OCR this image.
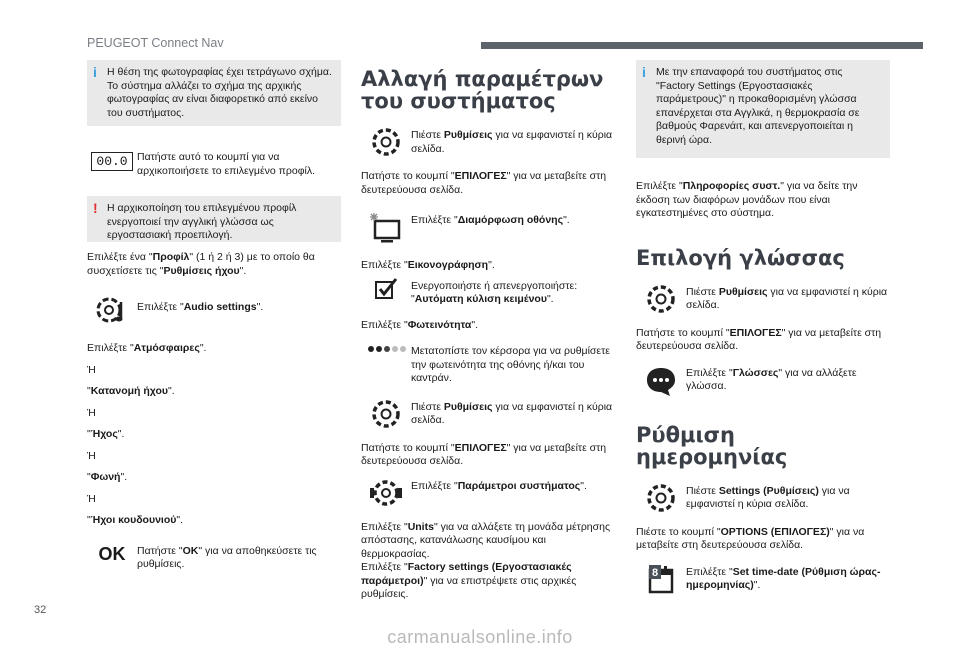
PEUGEOT Connect Nav
i Η θέση της φωτογραφίας έχει τετράγωνο σχήμα. Το σύστημα αλλάζει το σχήμα της αρχικής φωτογραφίας αν είναι διαφορετικό από εκείνο του συστήματος.
00.0 Πατήστε αυτό το κουμπί για να αρχικοποιήσετε το επιλεγμένο προφίλ.
! Η αρχικοποίηση του επιλεγμένου προφίλ ενεργοποιεί την αγγλική γλώσσα ως εργοστασιακή προεπιλογή.

Επιλέξτε ένα "Προφίλ" (1 ή 2 ή 3) με το οποίο θα συσχετίσετε τις "Ρυθμίσεις ήχου".

Επιλέξτε "Audio settings".

Επιλέξτε "Ατμόσφαιρες".

Ή

"Κατανομή ήχου".

Ή

"Ήχος".

Ή

"Φωνή".

Ή

"Ήχοι κουδουνιού".

OK Πατήστε "OK" για να αποθηκεύσετε τις ρυθμίσεις.
Αλλαγή παραμέτρων του συστήματος
Πιέστε Ρυθμίσεις για να εμφανιστεί η κύρια σελίδα.

Πατήστε το κουμπί "ΕΠΙΛΟΓΕΣ" για να μεταβείτε στη δευτερεύουσα σελίδα.

Επιλέξτε "Διαμόρφωση οθόνης".

Επιλέξτε "Εικονογράφηση".

Ενεργοποιήστε ή απενεργοποιήστε: "Αυτόματη κύλιση κειμένου".

Επιλέξτε "Φωτεινότητα".

Μετατοπίστε τον κέρσορα για να ρυθμίσετε την φωτεινότητα της οθόνης ή/και του καντράν.
Πιέστε Ρυθμίσεις για να εμφανιστεί η κύρια σελίδα.

Πατήστε το κουμπί "ΕΠΙΛΟΓΕΣ" για να μεταβείτε στη δευτερεύουσα σελίδα.

Επιλέξτε "Παράμετροι συστήματος".

Επιλέξτε "Units" για να αλλάξετε τη μονάδα μέτρησης απόστασης, κατανάλωσης καυσίμου και θερμοκρασίας.

Επιλέξτε "Factory settings (Εργοστασιακές παράμετροι)" για να επιστρέψετε στις αρχικές ρυθμίσεις.

i Με την επαναφορά του συστήματος στις "Factory Settings (Εργοστασιακές παράμετρους)" η προκαθορισμένη γλώσσα επανέρχεται στα Αγγλικά, η θερμοκρασία σε βαθμούς Φαρενάιτ, και απενεργοποιείται η θερινή ώρα.

Επιλέξτε "Πληροφορίες συστ." για να δείτε την έκδοση των διαφόρων μονάδων που είναι εγκατεστημένες στο σύστημα.

Επιλογή γλώσσας
Πιέστε Ρυθμίσεις για να εμφανιστεί η κύρια σελίδα.

Πατήστε το κουμπί "ΕΠΙΛΟΓΕΣ" για να μεταβείτε στη δευτερεύουσα σελίδα.

Επιλέξτε "Γλώσσες" για να αλλάξετε γλώσσα.
Ρύθμιση ημερομηνίας
Πιέστε Settings (Ρυθμίσεις) για να εμφανιστεί η κύρια σελίδα.

Πιέστε το κουμπί "OPTIONS (ΕΠΙΛΟΓΕΣ)" για να μεταβείτε στη δευτερεύουσα σελίδα.

8	Επιλέξτε "Set time-date (Ρύθμιση ώρας-ημερομηνίας)".
32
carmanualsonline.info
